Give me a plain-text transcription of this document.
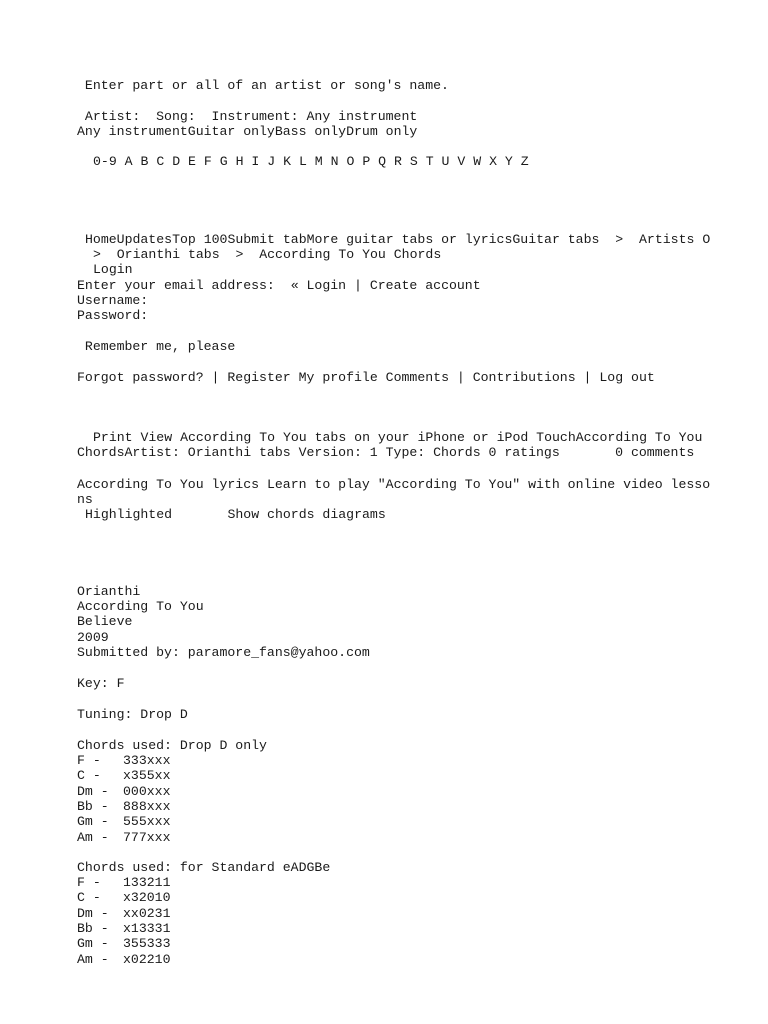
Enter part or all of an artist or song's name.
Artist:  Song:  Instrument: Any instrument
Any instrumentGuitar onlyBass onlyDrum only
0-9 A B C D E F G H I J K L M N O P Q R S T U V W X Y Z
HomeUpdatesTop 100Submit tabMore guitar tabs or lyricsGuitar tabs  >  Artists O
>  Orianthi tabs  >  According To You Chords
Login
Enter your email address: « Login | Create account
Username:
Password:
Remember me, please
Forgot password? | Register My profile Comments | Contributions | Log out
Print View According To You tabs on your iPhone or iPod TouchAccording To You
ChordsArtist: Orianthi tabs Version: 1 Type: Chords 0 ratings	0 comments
According To You lyrics Learn to play "According To You" with online video lesso
ns
Highlighted	Show chords diagrams
Orianthi
According To You
Believe
2009
Submitted by: paramore_fans@yahoo.com
Key: F
Tuning: Drop D
Chords used: Drop D only
F - 333xxx
C - x355xx
Dm - 000xxx
Bb - 888xxx
Gm - 555xxx
Am - 777xxx
Chords used: for Standard eADGBe
F - 133211
C - x32010
Dm - xx0231
Bb - x13331
Gm - 355333
Am - x02210
